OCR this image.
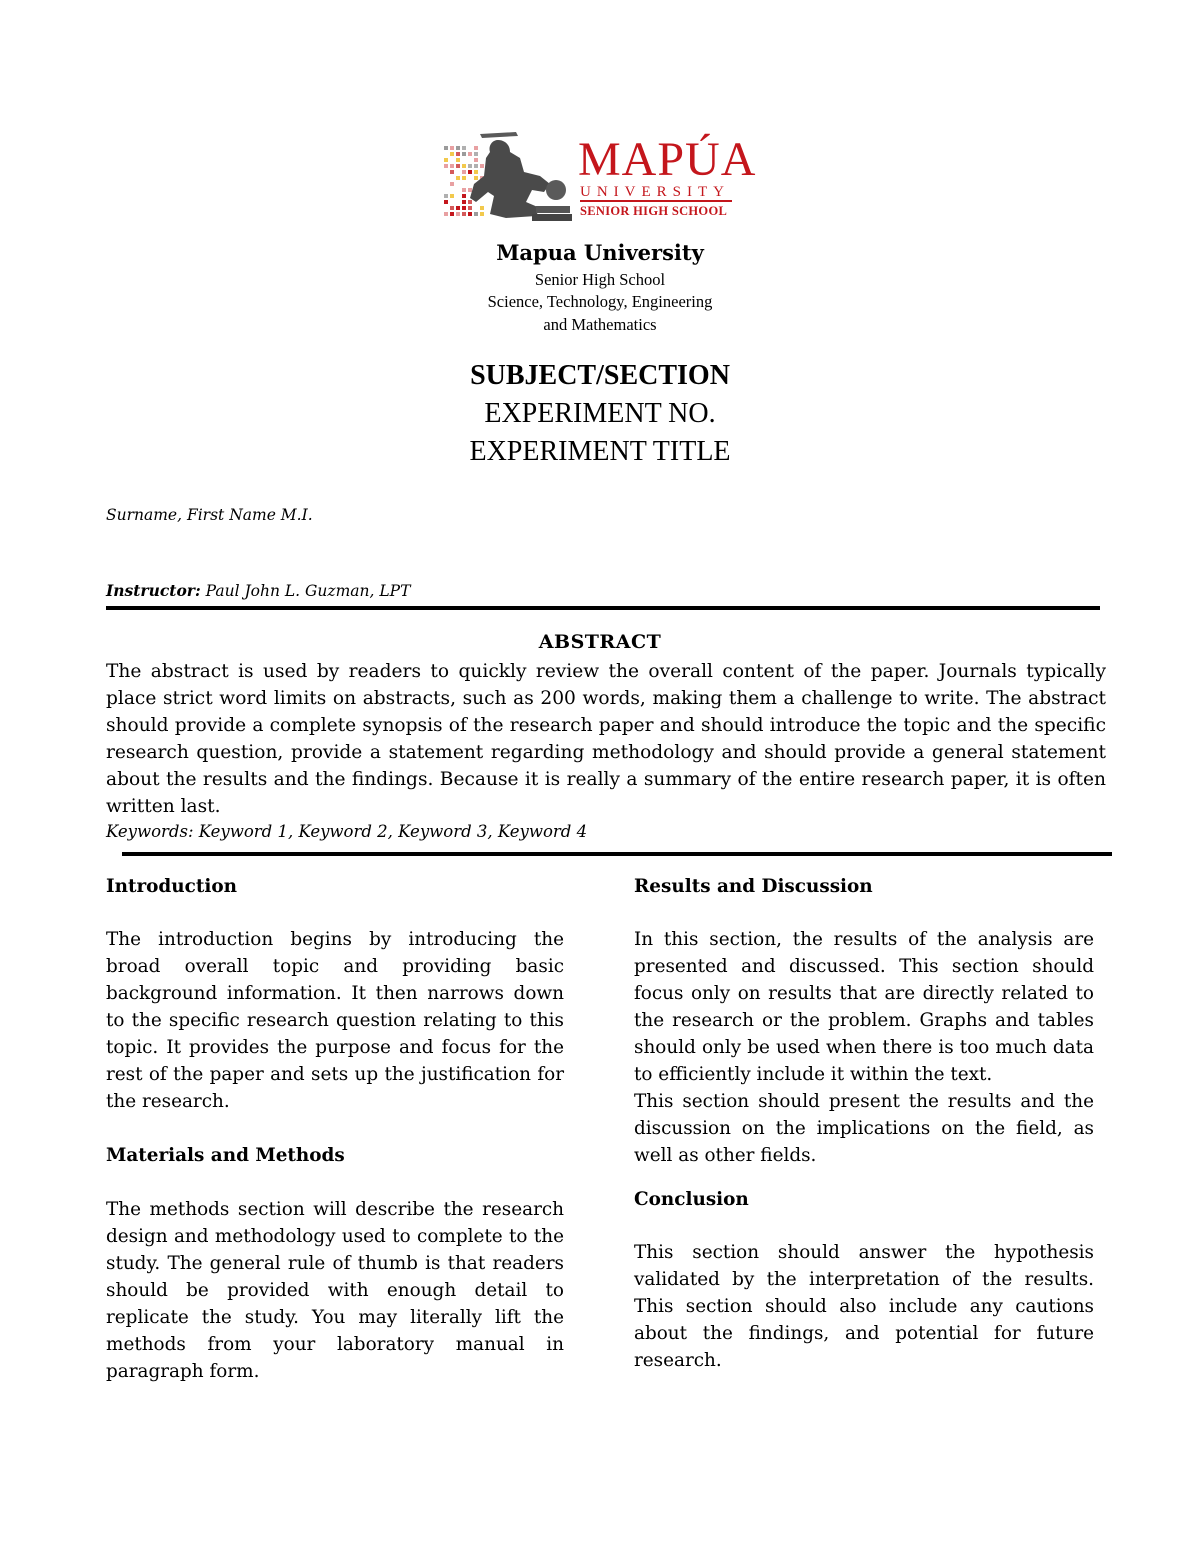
MAPÚA
UNIVERSITY
SENIOR HIGH SCHOOL
Mapua University
Senior High School
Science, Technology, Engineering
and Mathematics
SUBJECT/SECTION
EXPERIMENT NO.
EXPERIMENT TITLE
Surname, First Name M.I.
Instructor: Paul John L. Guzman, LPT
ABSTRACT
The abstract is used by readers to quickly review the overall content of the paper. Journals typically place strict word limits on abstracts, such as 200 words, making them a challenge to write. The abstract should provide a complete synopsis of the research paper and should introduce the topic and the specific research question, provide a statement regarding methodology and should provide a general statement about the results and the findings. Because it is really a summary of the entire research paper, it is often written last.
Keywords: Keyword 1, Keyword 2, Keyword 3, Keyword 4
Introduction
The introduction begins by introducing the broad overall topic and providing basic background information. It then narrows down to the specific research question relating to this topic. It provides the purpose and focus for the rest of the paper and sets up the justification for the research.
Materials and Methods
The methods section will describe the research design and methodology used to complete to the study. The general rule of thumb is that readers should be provided with enough detail to replicate the study. You may literally lift the methods from your laboratory manual in paragraph form.
Results and Discussion
In this section, the results of the analysis are presented and discussed. This section should focus only on results that are directly related to the research or the problem. Graphs and tables should only be used when there is too much data to efficiently include it within the text.
This section should present the results and the discussion on the implications on the field, as well as other fields.
Conclusion
This section should answer the hypothesis validated by the interpretation of the results. This section should also include any cautions about the findings, and potential for future research.
